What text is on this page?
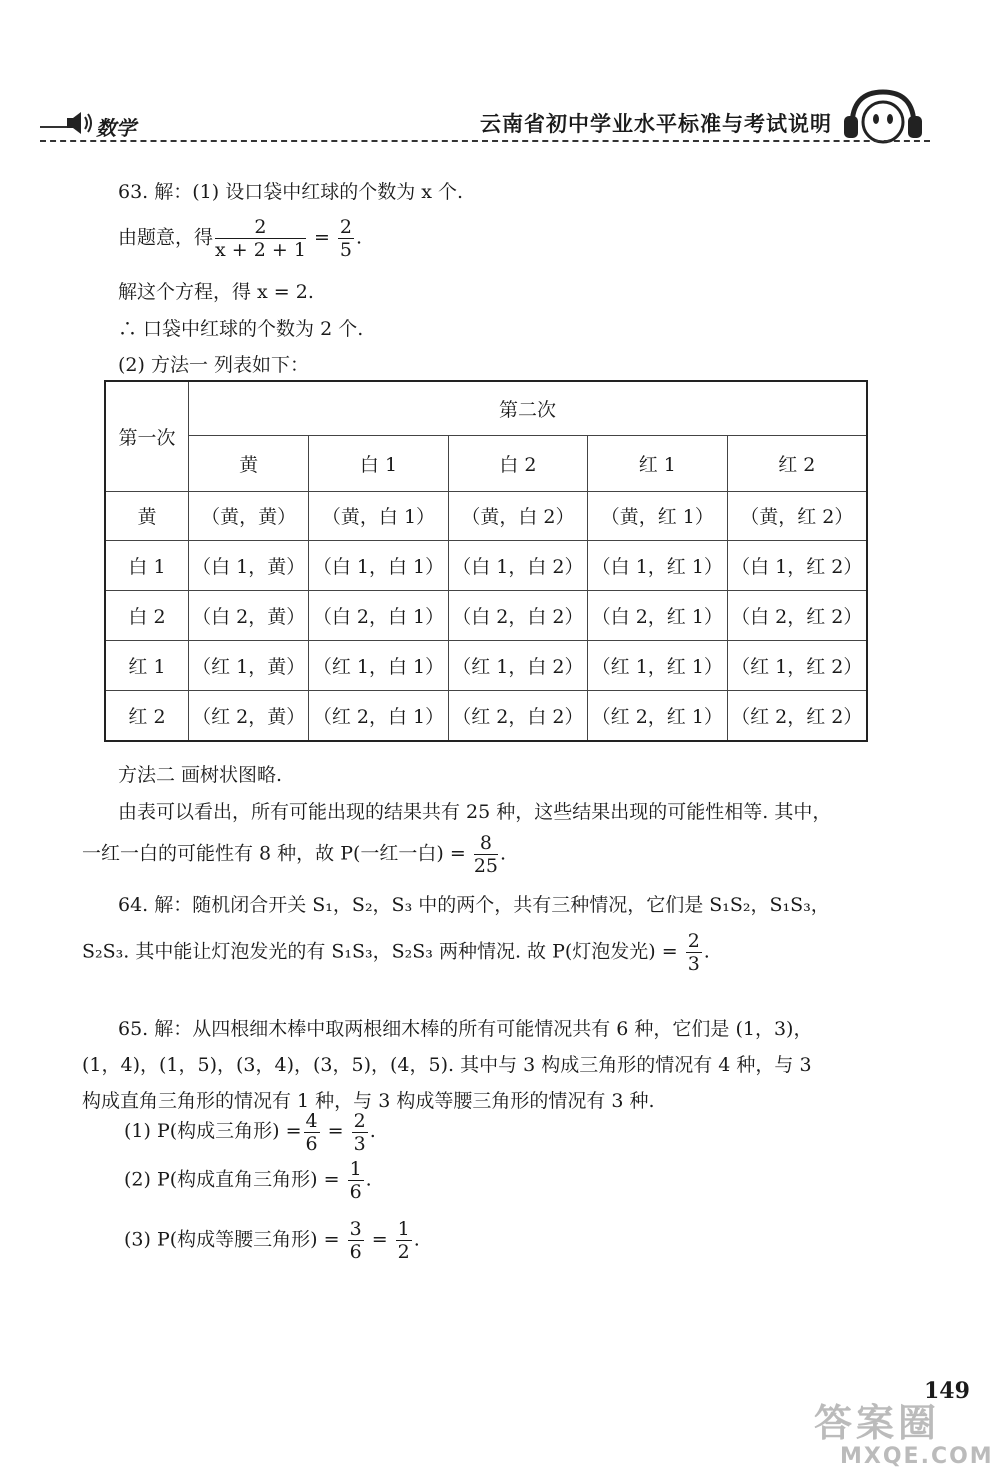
数学	云南省初中学业水平标准与考试说明
63. 解：(1) 设口袋中红球的个数为 x 个.
由题意，得 $\frac{2}{x + 2 + 1} = \frac{2}{5}$ .
解这个方程，得 x = 2.
∴ 口袋中红球的个数为 2 个.
(2) 方法一 列表如下：
第一次	第二次				
	黄	白 1	白 2	红 1	红 2
黄	（黄，黄）	（黄，白 1）	（黄，白 2）	（黄，红 1）	（黄，红 2）
白 1	（白 1，黄）	（白 1，白 1）	（白 1，白 2）	（白 1，红 1）	（白 1，红 2）
白 2	（白 2，黄）	（白 2，白 1）	（白 2，白 2）	（白 2，红 1）	（白 2，红 2）
红 1	（红 1，黄）	（红 1，白 1）	（红 1，白 2）	（红 1，红 1）	（红 1，红 2）
红 2	（红 2，黄）	（红 2，白 1）	（红 2，白 2）	（红 2，红 1）	（红 2，红 2）
方法二 画树状图略.
由表可以看出，所有可能出现的结果共有 25 种，这些结果出现的可能性相等. 其中，
一红一白的可能性有 8 种，故 P(一红一白) = $\frac{8}{25}$ .
64. 解：随机闭合开关 S₁，S₂，S₃ 中的两个，共有三种情况，它们是 S₁S₂，S₁S₃，
S₂S₃. 其中能让灯泡发光的有 S₁S₃，S₂S₃ 两种情况. 故 P(灯泡发光) = $\frac{2}{3}$ .
65. 解：从四根细木棒中取两根细木棒的所有可能情况共有 6 种，它们是 (1，3)，
(1，4)，(1，5)，(3，4)，(3，5)，(4，5). 其中与 3 构成三角形的情况有 4 种，与 3
构成直角三角形的情况有 1 种，与 3 构成等腰三角形的情况有 3 种.
(1) P(构成三角形) = $\frac{4}{6} = \frac{2}{3}$ .
(2) P(构成直角三角形) = $\frac{1}{6}$ .
(3) P(构成等腰三角形) = $\frac{3}{6} = \frac{1}{2}$ .
149
答案圈
MXQE.COM
